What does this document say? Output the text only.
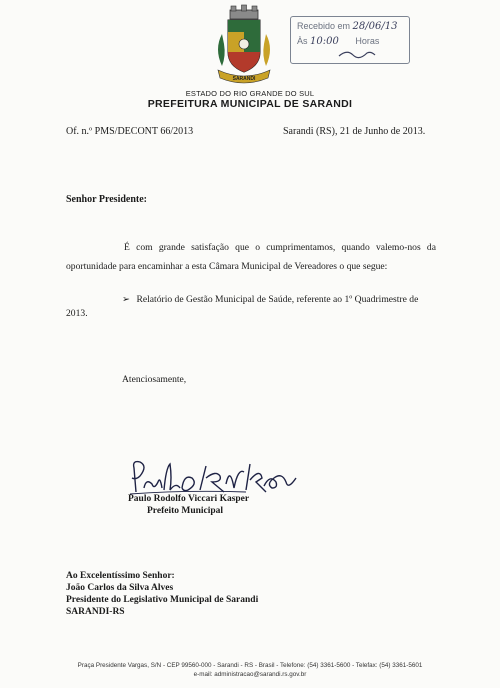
SARANDI
Recebido em 28/06/13
Às 10:00 Horas
ESTADO DO RIO GRANDE DO SUL
PREFEITURA MUNICIPAL DE SARANDI
Of. n.º PMS/DECONT 66/2013	Sarandi (RS), 21 de Junho de 2013.
Senhor Presidente:
É com grande satisfação que o cumprimentamos, quando valemo-nos da oportunidade para encaminhar a esta Câmara Municipal de Vereadores o que segue:
➢ Relatório de Gestão Municipal de Saúde, referente ao 1º Quadrimestre de
2013.
Atenciosamente,
Paulo Rodolfo Viccari Kasper
Prefeito Municipal
Ao Excelentíssimo Senhor:
João Carlos da Silva Alves
Presidente do Legislativo Municipal de Sarandi
SARANDI-RS
Praça Presidente Vargas, S/N - CEP 99560-000 - Sarandi - RS - Brasil - Telefone: (54) 3361-5600 - Telefax: (54) 3361-5601
e-mail: administracao@sarandi.rs.gov.br
